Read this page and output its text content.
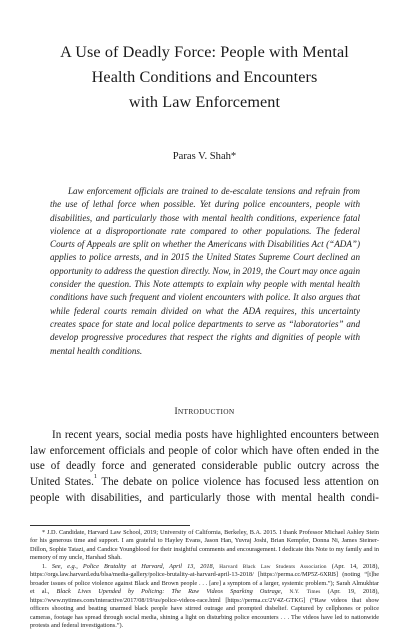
A Use of Deadly Force: People with Mental
Health Conditions and Encounters
with Law Enforcement
Paras V. Shah*
Law enforcement officials are trained to de-escalate tensions and refrain from the use of lethal force when possible. Yet during police encounters, people with disabilities, and particularly those with mental health conditions, experience fatal violence at a disproportionate rate compared to other populations. The federal Courts of Appeals are split on whether the Americans with Disabilities Act (“ADA”) applies to police arrests, and in 2015 the United States Supreme Court declined an opportunity to address the question directly. Now, in 2019, the Court may once again consider the question. This Note attempts to explain why people with mental health conditions have such frequent and violent encounters with police. It also argues that while federal courts remain divided on what the ADA requires, this uncertainty creates space for state and local police departments to serve as “laboratories” and develop progressive procedures that respect the rights and dignities of people with mental health conditions.
INTRODUCTION
In recent years, social media posts have highlighted encounters between
law enforcement officials and people of color which have often ended in the
use of deadly force and generated considerable public outcry across the
United States.$^1$ The debate on police violence has focused less attention on
people with disabilities, and particularly those with mental health condi-

* J.D. Candidate, Harvard Law School, 2019; University of California, Berkeley, B.A. 2015. I thank Professor Michael Ashley Stein for his generous time and support. I am grateful to Hayley Evans, Jason Han, Yuvraj Joshi, Brian Kempfer, Donna Ni, James Steiner-Dillon, Sophie Tatazi, and Candice Youngblood for their insightful comments and encouragement. I dedicate this Note to my family and in memory of my uncle, Harshad Shah.

1. See, e.g., Police Brutality at Harvard, April 13, 2018, Harvard Black Law Students Association (Apr. 14, 2018), https://orgs.law.harvard.edu/blsa/media-gallery/police-brutality-at-harvard-april-13-2018/ [https://perma.cc/MP5Z-6XRB] (noting “[t]he broader issues of police violence against Black and Brown people . . . [are] a symptom of a larger, systemic problem.”); Sarah Almukhtar et al., Black Lives Upended by Policing: The Raw Videos Sparking Outrage, N.Y. Times (Apr. 19, 2018), https://www.nytimes.com/interactive/2017/08/19/us/police-videos-race.html [https://perma.cc/2V4Z-GTKG] (“Raw videos that show officers shooting and beating unarmed black people have stirred outrage and prompted disbelief. Captured by cellphones or police cameras, footage has spread through social media, shining a light on disturbing police encounters . . . The videos have led to nationwide protests and federal investigations.”).
